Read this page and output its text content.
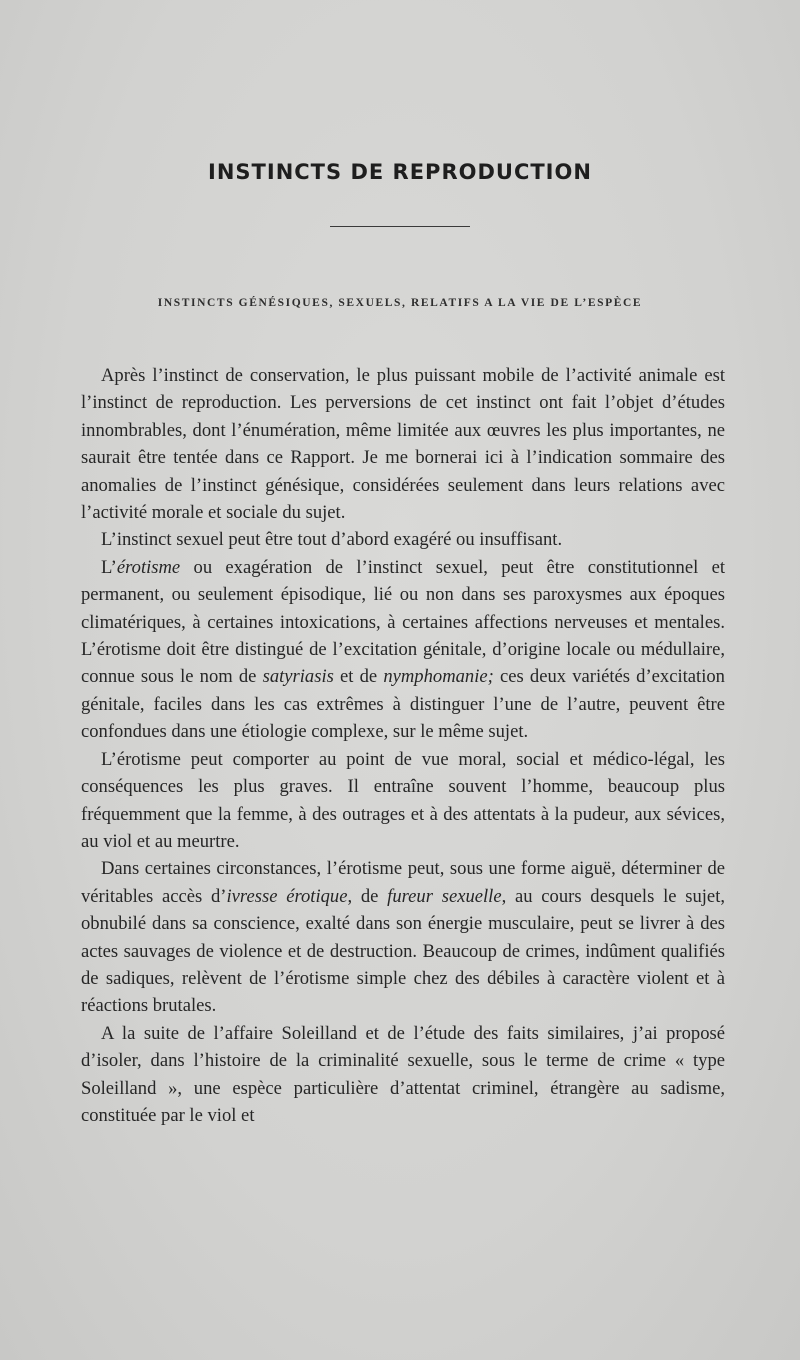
INSTINCTS DE REPRODUCTION
INSTINCTS GÉNÉSIQUES, SEXUELS, RELATIFS A LA VIE DE L’ESPÈCE

Après l’instinct de conservation, le plus puissant mobile de l’activité animale est l’instinct de reproduction. Les perversions de cet instinct ont fait l’objet d’études innombrables, dont l’énumération, même limitée aux œuvres les plus importantes, ne saurait être tentée dans ce Rapport. Je me bornerai ici à l’indication sommaire des anomalies de l’instinct génésique, considérées seulement dans leurs relations avec l’activité morale et sociale du sujet.

L’instinct sexuel peut être tout d’abord exagéré ou insuffisant.

L’érotisme ou exagération de l’instinct sexuel, peut être constitutionnel et permanent, ou seulement épisodique, lié ou non dans ses paroxysmes aux époques climatériques, à certaines intoxications, à certaines affections nerveuses et mentales. L’érotisme doit être distingué de l’excitation génitale, d’origine locale ou médullaire, connue sous le nom de satyriasis et de nymphomanie; ces deux variétés d’excitation génitale, faciles dans les cas extrêmes à distinguer l’une de l’autre, peuvent être confondues dans une étiologie complexe, sur le même sujet.

L’érotisme peut comporter au point de vue moral, social et médico-légal, les conséquences les plus graves. Il entraîne souvent l’homme, beaucoup plus fréquemment que la femme, à des outrages et à des attentats à la pudeur, aux sévices, au viol et au meurtre.

Dans certaines circonstances, l’érotisme peut, sous une forme aiguë, déterminer de véritables accès d’ivresse érotique, de fureur sexuelle, au cours desquels le sujet, obnubilé dans sa conscience, exalté dans son énergie musculaire, peut se livrer à des actes sauvages de violence et de destruction. Beaucoup de crimes, indûment qualifiés de sadiques, relèvent de l’érotisme simple chez des débiles à caractère violent et à réactions brutales.

A la suite de l’affaire Soleilland et de l’étude des faits similaires, j’ai proposé d’isoler, dans l’histoire de la criminalité sexuelle, sous le terme de crime « type Soleilland », une espèce particulière d’attentat criminel, étrangère au sadisme, constituée par le viol et
